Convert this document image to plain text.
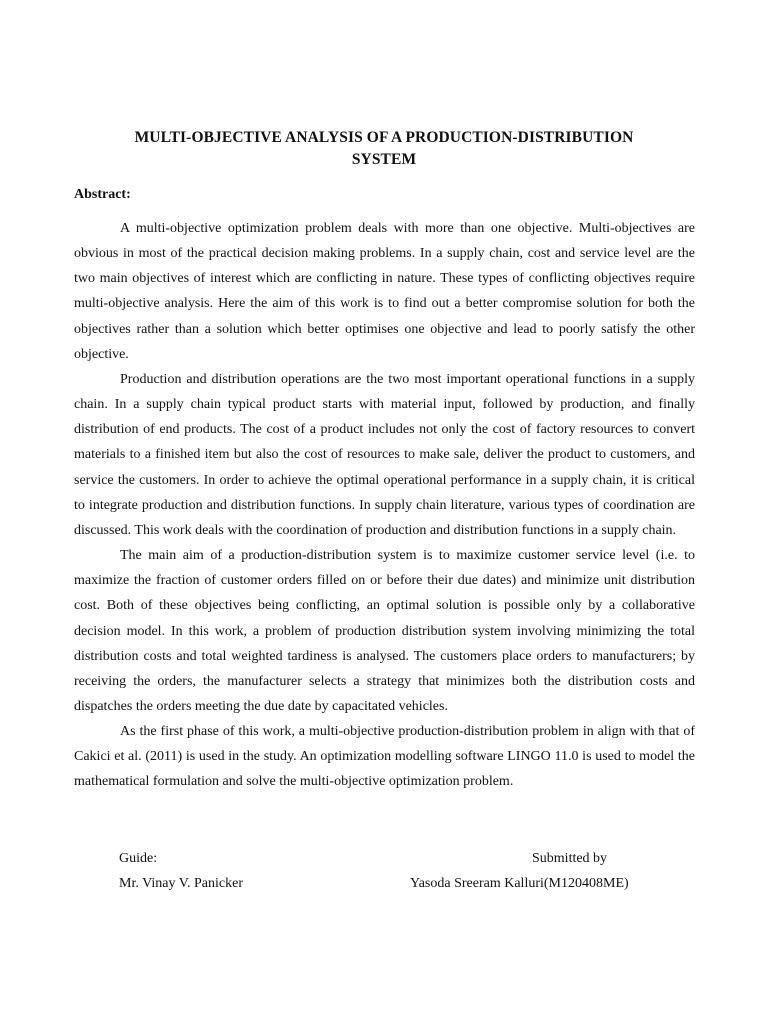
MULTI-OBJECTIVE ANALYSIS OF A PRODUCTION-DISTRIBUTION
SYSTEM
Abstract:

A multi-objective optimization problem deals with more than one objective. Multi-objectives are obvious in most of the practical decision making problems. In a supply chain, cost and service level are the two main objectives of interest which are conflicting in nature. These types of conflicting objectives require multi-objective analysis. Here the aim of this work is to find out a better compromise solution for both the objectives rather than a solution which better optimises one objective and lead to poorly satisfy the other objective.

Production and distribution operations are the two most important operational functions in a supply chain. In a supply chain typical product starts with material input, followed by production, and finally distribution of end products. The cost of a product includes not only the cost of factory resources to convert materials to a finished item but also the cost of resources to make sale, deliver the product to customers, and service the customers. In order to achieve the optimal operational performance in a supply chain, it is critical to integrate production and distribution functions. In supply chain literature, various types of coordination are discussed. This work deals with the coordination of production and distribution functions in a supply chain.

The main aim of a production-distribution system is to maximize customer service level (i.e. to maximize the fraction of customer orders filled on or before their due dates) and minimize unit distribution cost. Both of these objectives being conflicting, an optimal solution is possible only by a collaborative decision model. In this work, a problem of production distribution system involving minimizing the total distribution costs and total weighted tardiness is analysed. The customers place orders to manufacturers; by receiving the orders, the manufacturer selects a strategy that minimizes both the distribution costs and dispatches the orders meeting the due date by capacitated vehicles.

As the first phase of this work, a multi-objective production-distribution problem in align with that of Cakici et al. (2011) is used in the study. An optimization modelling software LINGO 11.0 is used to model the mathematical formulation and solve the multi-objective optimization problem.

Guide:	Submitted by
Mr. Vinay V. Panicker	Yasoda Sreeram Kalluri(M120408ME)
